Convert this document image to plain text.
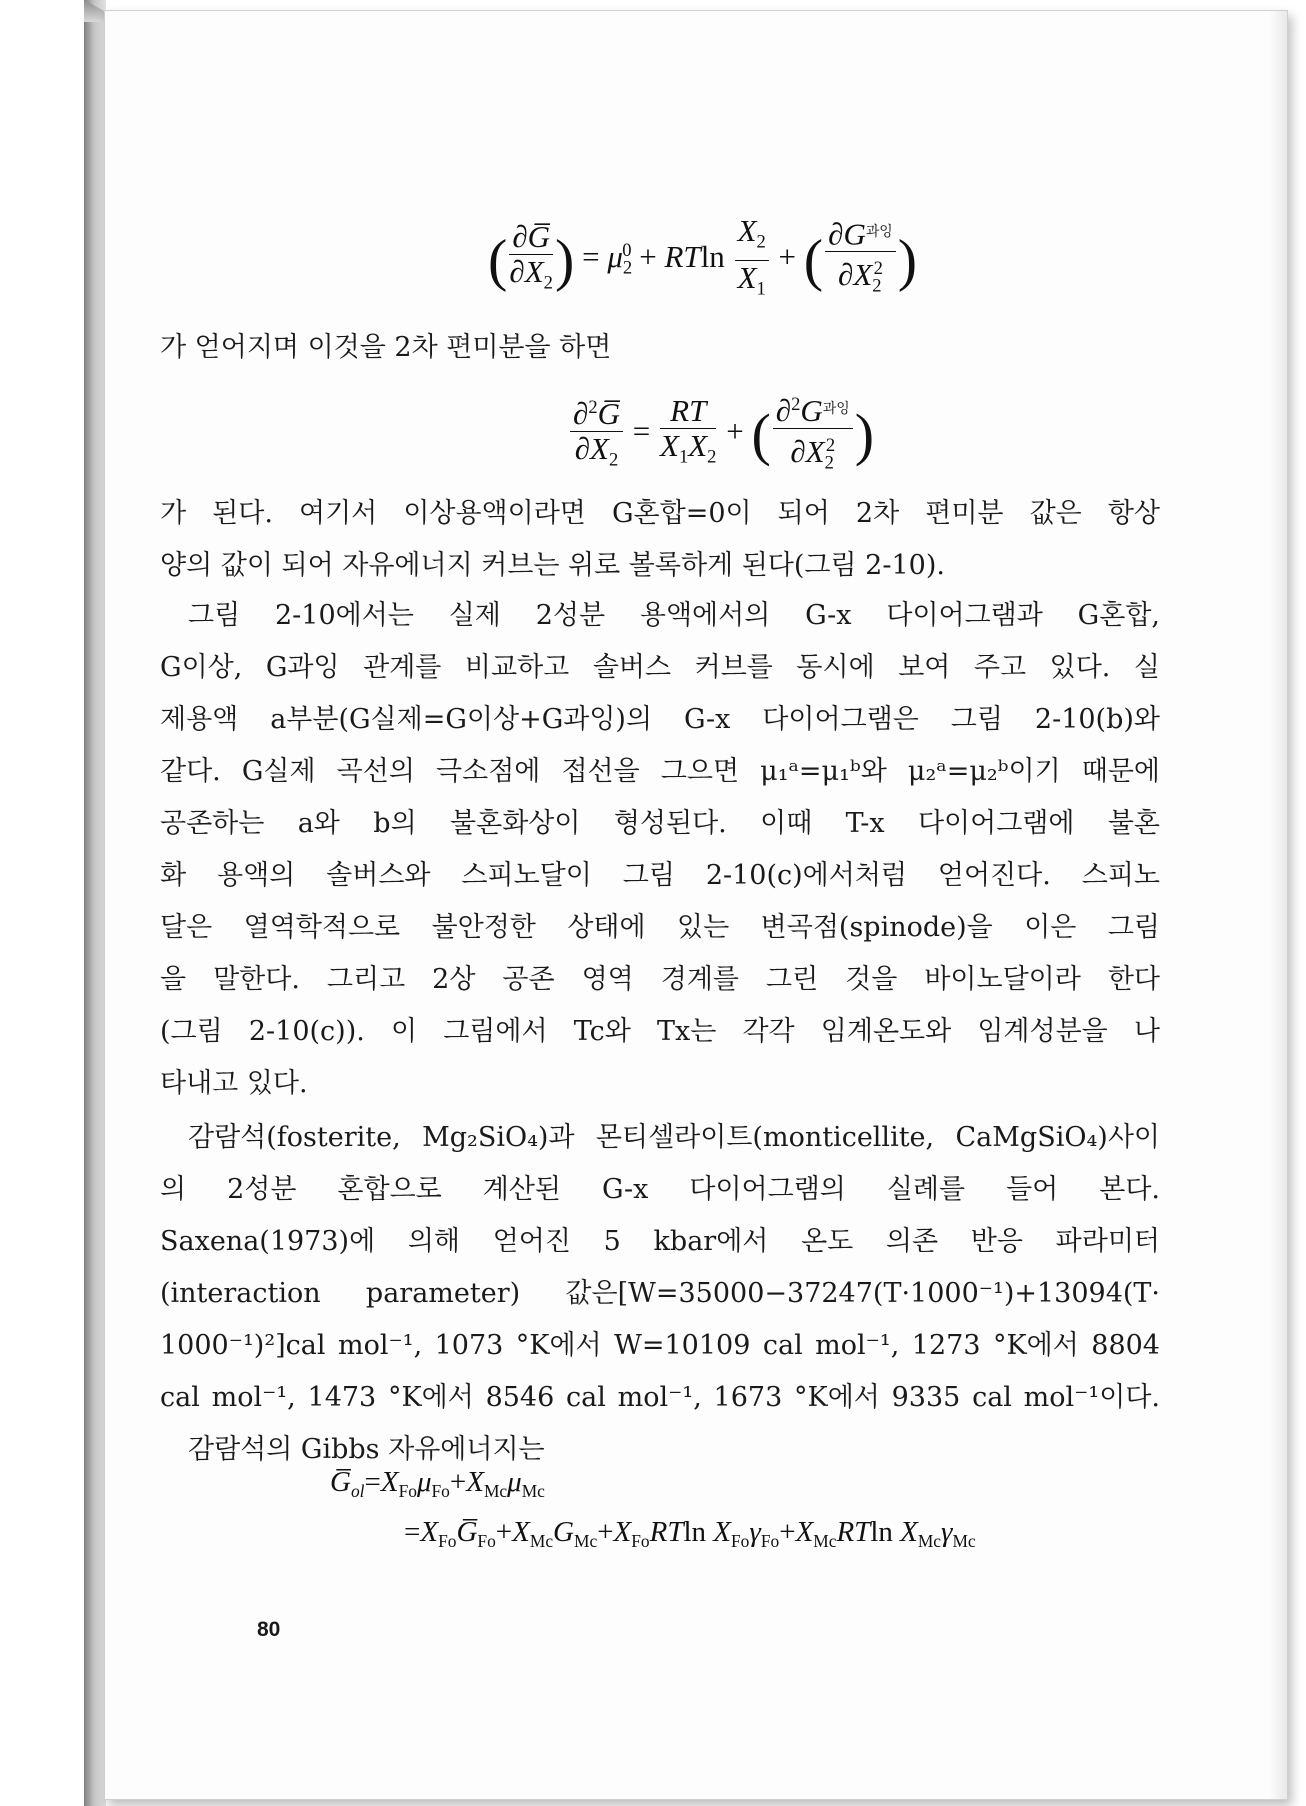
( $\frac{\partial G̅}{\partial X_2}$ ) = $\mu_2^0 + RTln \frac{X_2}{X_1}$ + ( $\frac{\partial G^{과잉}}{\partial X_2^2}$ )
$\frac{\partial^2G̅}{\partial X_2} = \frac{RT}{X_1X_2}$ + ( $\frac{\partial^2G^{과잉}}{\partial X_2^2}$ )
가 얻어지며 이것을 2차 편미분을 하면
가 된다. 여기서 이상용액이라면 G혼합=0이 되어 2차 편미분 값은 항상
양의 값이 되어 자유에너지 커브는 위로 볼록하게 된다(그림 2-10).
그림 2-10에서는 실제 2성분 용액에서의 G-x 다이어그램과 G혼합,
G이상, G과잉 관계를 비교하고 솔버스 커브를 동시에 보여 주고 있다. 실
제용액 a부분(G실제=G이상+G과잉)의 G-x 다이어그램은 그림 2-10(b)와
같다. G실제 곡선의 극소점에 접선을 그으면 μ₁ᵃ=μ₁ᵇ와 μ₂ᵃ=μ₂ᵇ이기 때문에
공존하는 a와 b의 불혼화상이 형성된다. 이때 T-x 다이어그램에 불혼
화 용액의 솔버스와 스피노달이 그림 2-10(c)에서처럼 얻어진다. 스피노
달은 열역학적으로 불안정한 상태에 있는 변곡점(spinode)을 이은 그림
을 말한다. 그리고 2상 공존 영역 경계를 그린 것을 바이노달이라 한다
(그림 2-10(c)). 이 그림에서 Tc와 Tx는 각각 임계온도와 임계성분을 나
타내고 있다.
감람석(fosterite, Mg₂SiO₄)과 몬티셀라이트(monticellite, CaMgSiO₄)사이
의 2성분 혼합으로 계산된 G-x 다이어그램의 실례를 들어 본다.
Saxena(1973)에 의해 얻어진 5 kbar에서 온도 의존 반응 파라미터
(interaction parameter) 값은[W=35000−37247(T·1000⁻¹)+13094(T·
1000⁻¹)²]cal mol⁻¹, 1073 °K에서 W=10109 cal mol⁻¹, 1273 °K에서 8804
cal mol⁻¹, 1473 °K에서 8546 cal mol⁻¹, 1673 °K에서 9335 cal mol⁻¹이다.
감람석의 Gibbs 자유에너지는
$G̅_{ol}=X_{Fo}\mu_{Fo}+X_{Mc}\mu_{Mc}$
$=X_{Fo}G̅_{Fo}+X_{Mc}G_{Mc}+X_{Fo}RTln$ $X_{Fo}\gamma_{Fo}+X_{Mc}RTln$ $X_{Mc}\gamma_{Mc}$
80
